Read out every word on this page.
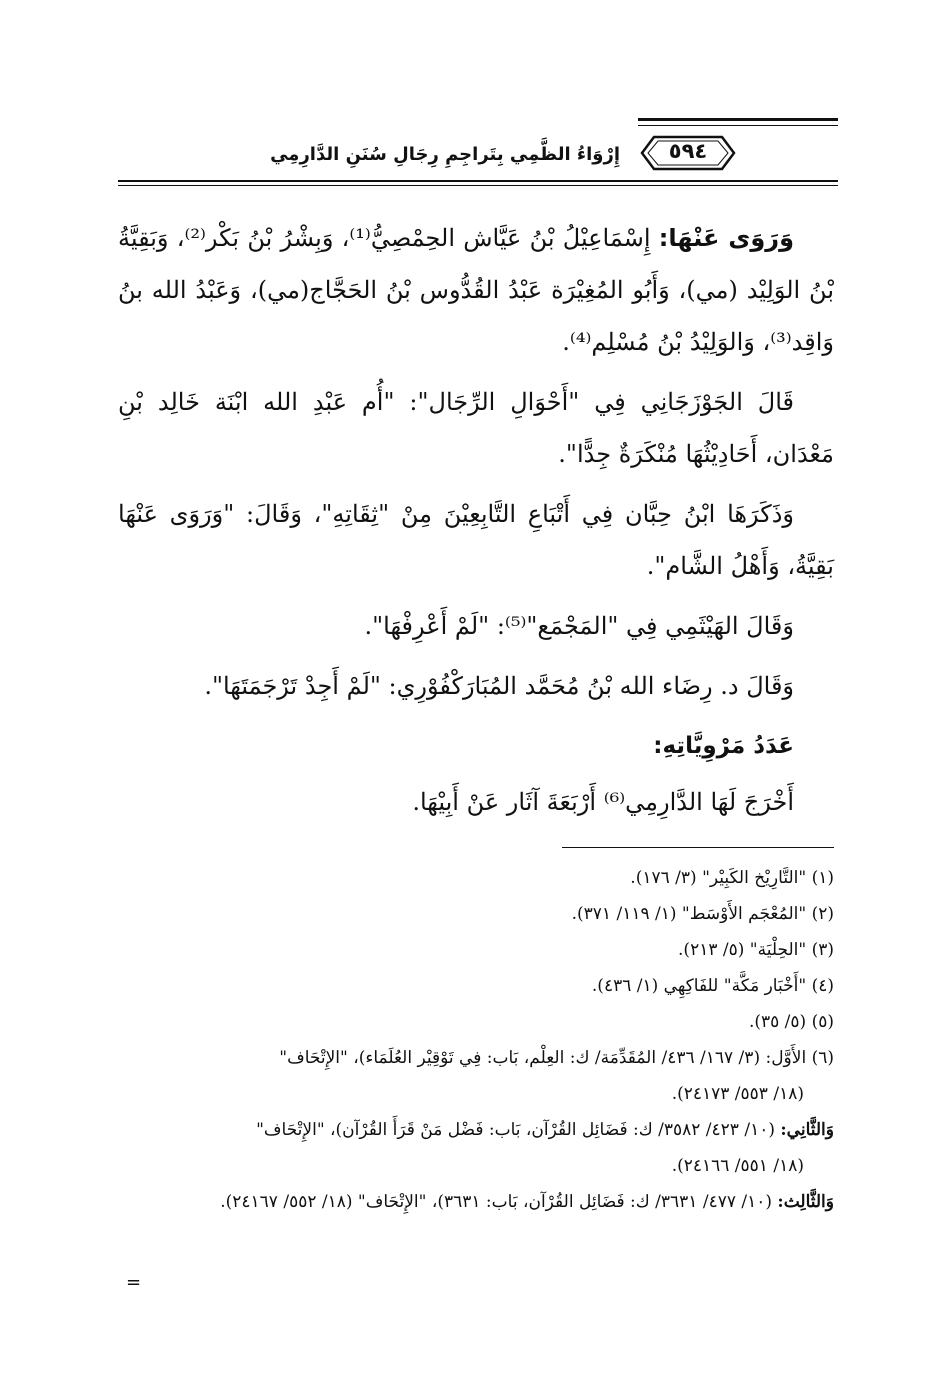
٥٩٤
إِرْوَاءُ الظَّمِي بِتَراجِمِ رِجَالِ سُنَنِ الدَّارِمِي

وَرَوَى عَنْهَا: إِسْمَاعِيْلُ بْنُ عَيَّاش الحِمْصِيُّ⁽¹⁾، وَبِشْرُ بْنُ بَكْر⁽²⁾، وَبَقِيَّةُ بْنُ الوَلِيْد (مي)، وَأَبُو المُغِيْرَة عَبْدُ القُدُّوس بْنُ الحَجَّاج(مي)، وَعَبْدُ الله بنُ وَاقِد⁽³⁾، وَالوَلِيْدُ بْنُ مُسْلِم⁽⁴⁾.

قَالَ الجَوْزَجَانِي فِي "أَحْوَالِ الرِّجَال": "أُم عَبْدِ الله ابْنَة خَالِد بْنِ مَعْدَان، أَحَادِيْثُهَا مُنْكَرَةٌ جِدًّا".

وَذَكَرَهَا ابْنُ حِبَّان فِي أَتْبَاعِ التَّابِعِيْنَ مِنْ "ثِقَاتِهِ"، وَقَالَ: "وَرَوَى عَنْهَا بَقِيَّةُ، وَأَهْلُ الشَّام".

وَقَالَ الهَيْثَمِي فِي "المَجْمَع"⁽⁵⁾: "لَمْ أَعْرِفْهَا".

وَقَالَ د. رِضَاء الله بْنُ مُحَمَّد المُبَارَكْفُوْرِي: "لَمْ أَجِدْ تَرْجَمَتَهَا".

عَدَدُ مَرْوِيَّاتِهِ:

أَخْرَجَ لَهَا الدَّارِمِي⁽⁶⁾ أَرْبَعَةَ آثَار عَنْ أَبِيْهَا.

(١) "التَّارِيْخ الكَبِيْر" (٣/ ١٧٦).

(٢) "المُعْجَم الأَوْسَط" (١/ ١١٩/ ٣٧١).

(٣) "الحِلْيَة" (٥/ ٢١٣).

(٤) "أَخْبَار مَكَّة" للفَاكِهِي (١/ ٤٣٦).

(٥) (٥/ ٣٥).

(٦) الأَوَّل: (٣/ ١٦٧/ ٤٣٦/ المُقَدِّمَة/ ك: العِلْم، بَاب: فِي تَوْقِيْر العُلَمَاء)، "الإِتْحَاف"

(١٨/ ٥٥٣/ ٢٤١٧٣).

وَالثَّانِي: (١٠/ ٤٢٣/ ٣٥٨٢/ ك: فَضَائِل القُرْآن، بَاب: فَضْل مَنْ قَرَأَ القُرْآن)، "الإِتْحَاف"

(١٨/ ٥٥١/ ٢٤١٦٦).

وَالثَّالِث: (١٠/ ٤٧٧/ ٣٦٣١/ ك: فَضَائِل القُرْآن، بَاب: ٣٦٣١)، "الإِتْحَاف" (١٨/ ٥٥٢/ ٢٤١٦٧).

=
